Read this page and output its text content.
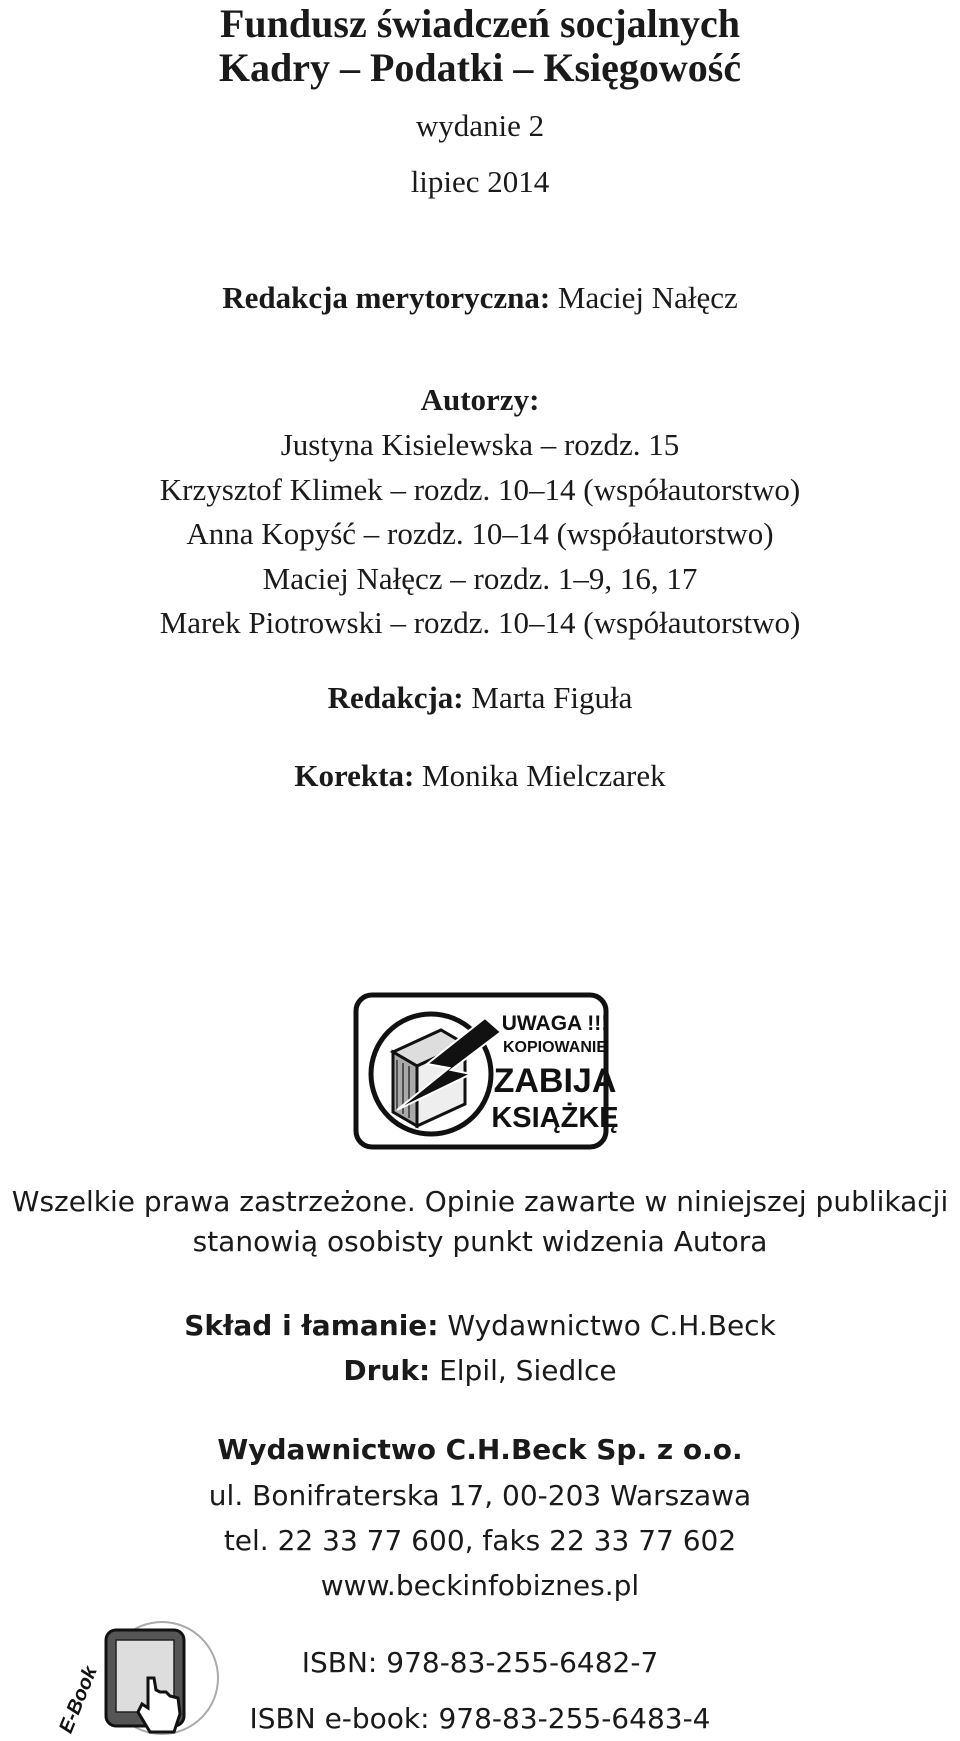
Fundusz świadczeń socjalnych
Kadry – Podatki – Księgowość
wydanie 2
lipiec 2014
Redakcja merytoryczna: Maciej Nałęcz
Autorzy:
Justyna Kisielewska – rozdz. 15
Krzysztof Klimek – rozdz. 10–14 (współautorstwo)
Anna Kopyść – rozdz. 10–14 (współautorstwo)
Maciej Nałęcz – rozdz. 1–9, 16, 17
Marek Piotrowski – rozdz. 10–14 (współautorstwo)
Redakcja: Marta Figuła
Korekta: Monika Mielczarek
UWAGA !!!
KOPIOWANIE
ZABIJA
KSIĄŻKĘ
Wszelkie prawa zastrzeżone. Opinie zawarte w niniejszej publikacji
stanowią osobisty punkt widzenia Autora
Skład i łamanie: Wydawnictwo C.H.Beck
Druk: Elpil, Siedlce
Wydawnictwo C.H.Beck Sp. z o.o.
ul. Bonifraterska 17, 00-203 Warszawa
tel. 22 33 77 600, faks 22 33 77 602
www.beckinfobiznes.pl
E-Book
ISBN: 978-83-255-6482-7
ISBN e-book: 978-83-255-6483-4
